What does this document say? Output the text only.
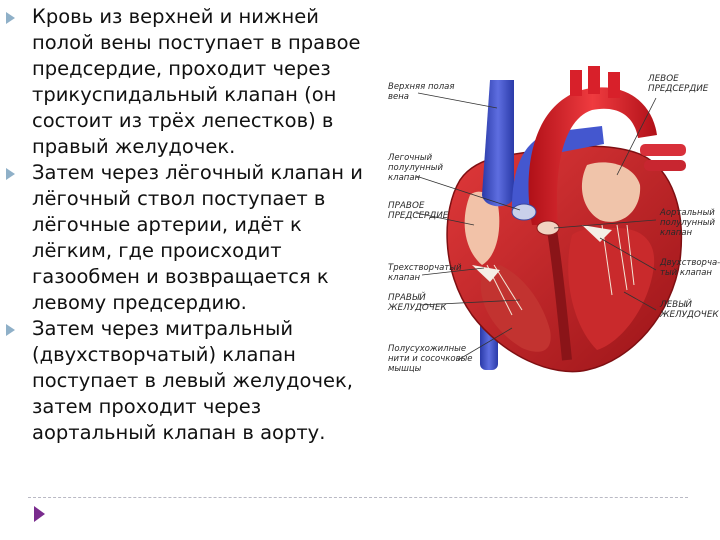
Кровь из верхней и нижней полой вены поступает в правое предсердие, проходит через трикуспидальный клапан (он состоит из трёх лепестков) в правый желудочек.
Затем через лёгочный клапан и лёгочный ствол поступает в лёгочные артерии, идёт к лёгким, где происходит газообмен и возвращается к левому предсердию.
Затем через митральный (двухстворчатый) клапан поступает в левый желудочек, затем проходит через аортальный клапан в аорту.
Верхняя полая
вена
ЛЕВОЕ
ПРЕДСЕРДИЕ
Легочный
полулунный
клапан
ПРАВОЕ
ПРЕДСЕРДИЕ	Аортальный
полулунный
клапан
Трехстворчатый
клапан
Двухстворча-
тый клапан
ПРАВЫЙ
ЖЕЛУДОЧЕК	ЛЕВЫЙ
ЖЕЛУДОЧЕК
Полусухожилные
нити и сосочковые
мышцы
